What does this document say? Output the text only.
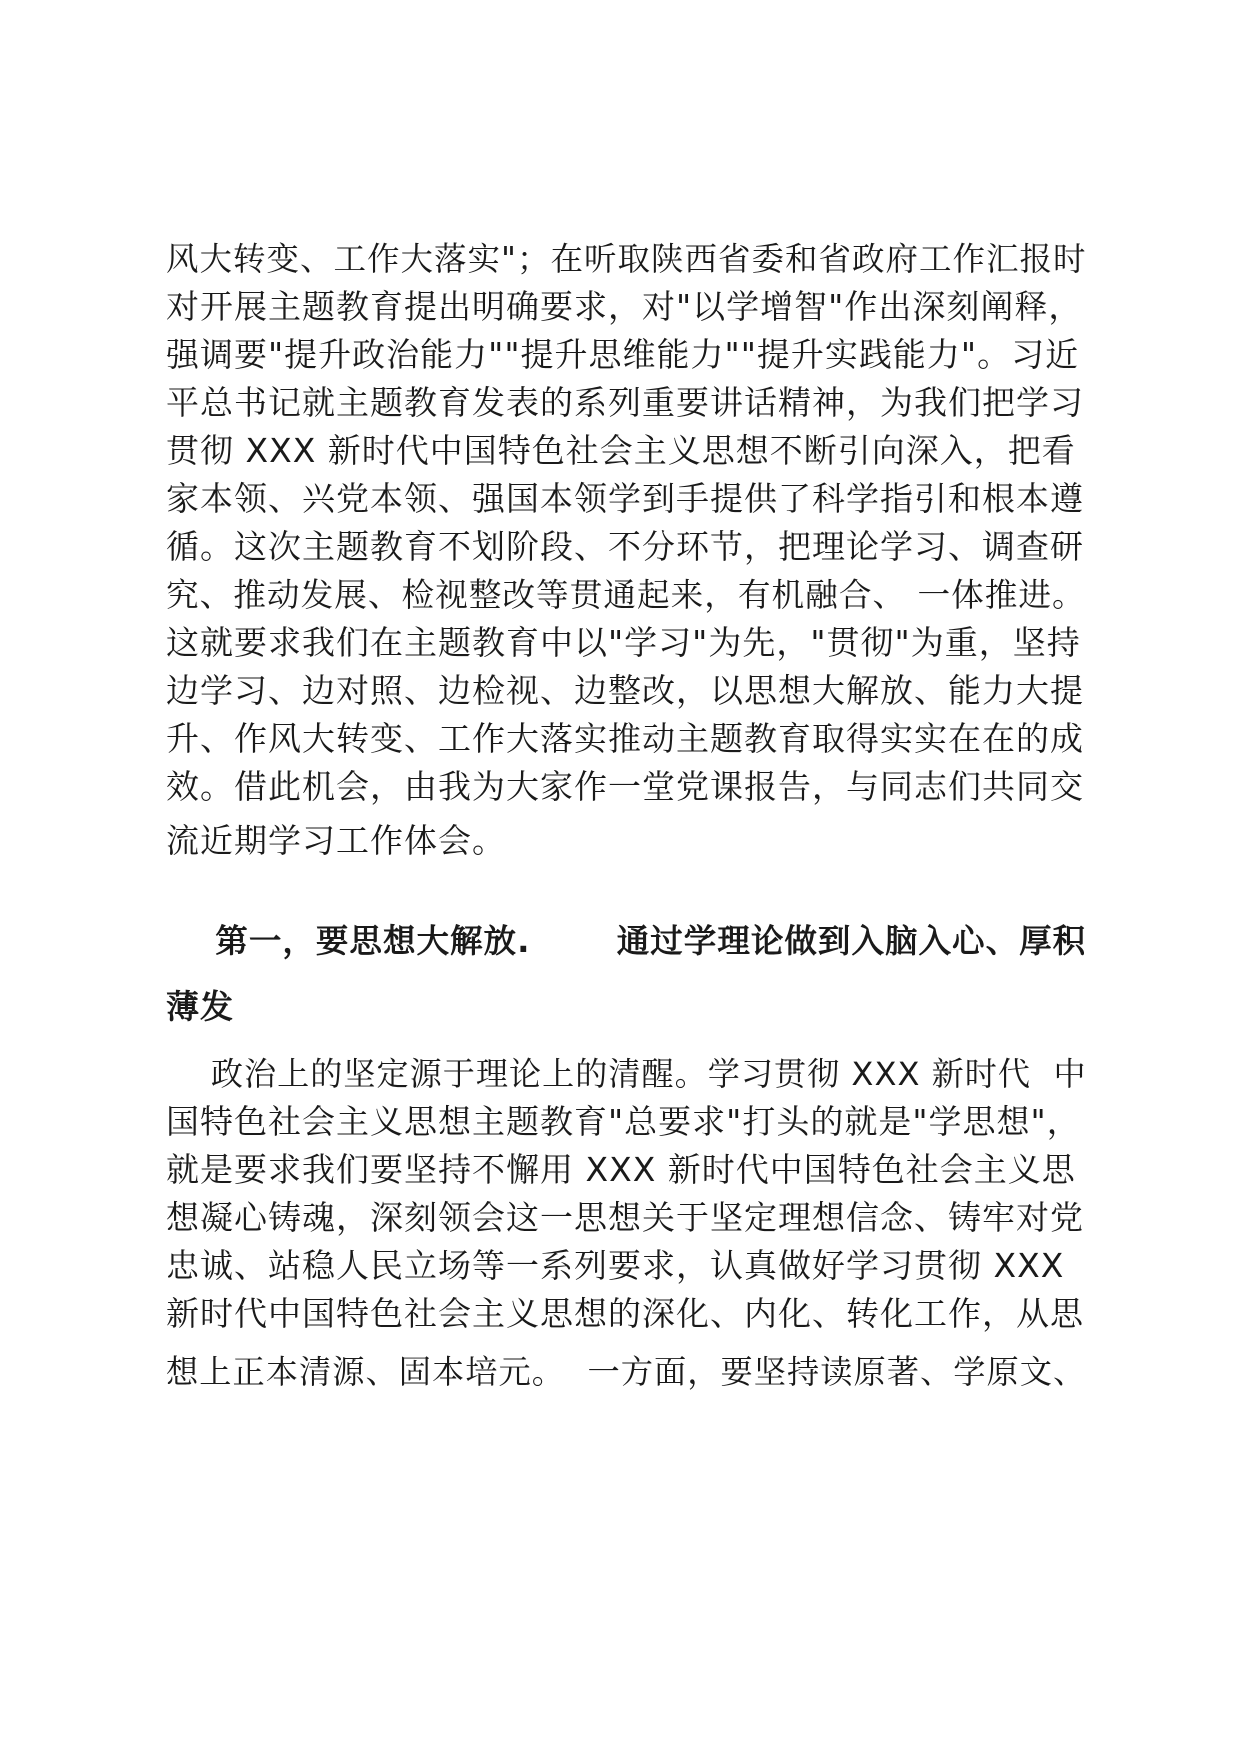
风大转变、工作大落实"；在听取陕西省委和省政府工作汇报时
对开展主题教育提出明确要求，对"以学增智"作出深刻阐释，
强调要"提升政治能力""提升思维能力""提升实践能力"。习近
平总书记就主题教育发表的系列重要讲话精神，为我们把学习
贯彻 XXX 新时代中国特色社会主义思想不断引向深入，把看
家本领、兴党本领、强国本领学到手提供了科学指引和根本遵
循。这次主题教育不划阶段、不分环节，把理论学习、调查研
究、推动发展、检视整改等贯通起来，有机融合、 一体推进。
这就要求我们在主题教育中以"学习"为先，"贯彻"为重，坚持
边学习、边对照、边检视、边整改，以思想大解放、能力大提
升、作风大转变、工作大落实推动主题教育取得实实在在的成
效。借此机会，由我为大家作一堂党课报告，与同志们共同交
流近期学习工作体会。
第一，要思想大解放.       通过学理论做到入脑入心、厚积
薄发
政治上的坚定源于理论上的清醒。学习贯彻 XXX 新时代  中
国特色社会主义思想主题教育"总要求"打头的就是"学思想"，
就是要求我们要坚持不懈用 XXX 新时代中国特色社会主义思
想凝心铸魂，深刻领会这一思想关于坚定理想信念、铸牢对党
忠诚、站稳人民立场等一系列要求，认真做好学习贯彻 XXX
新时代中国特色社会主义思想的深化、内化、转化工作，从思
想上正本清源、固本培元。  一方面，要坚持读原著、学原文、
